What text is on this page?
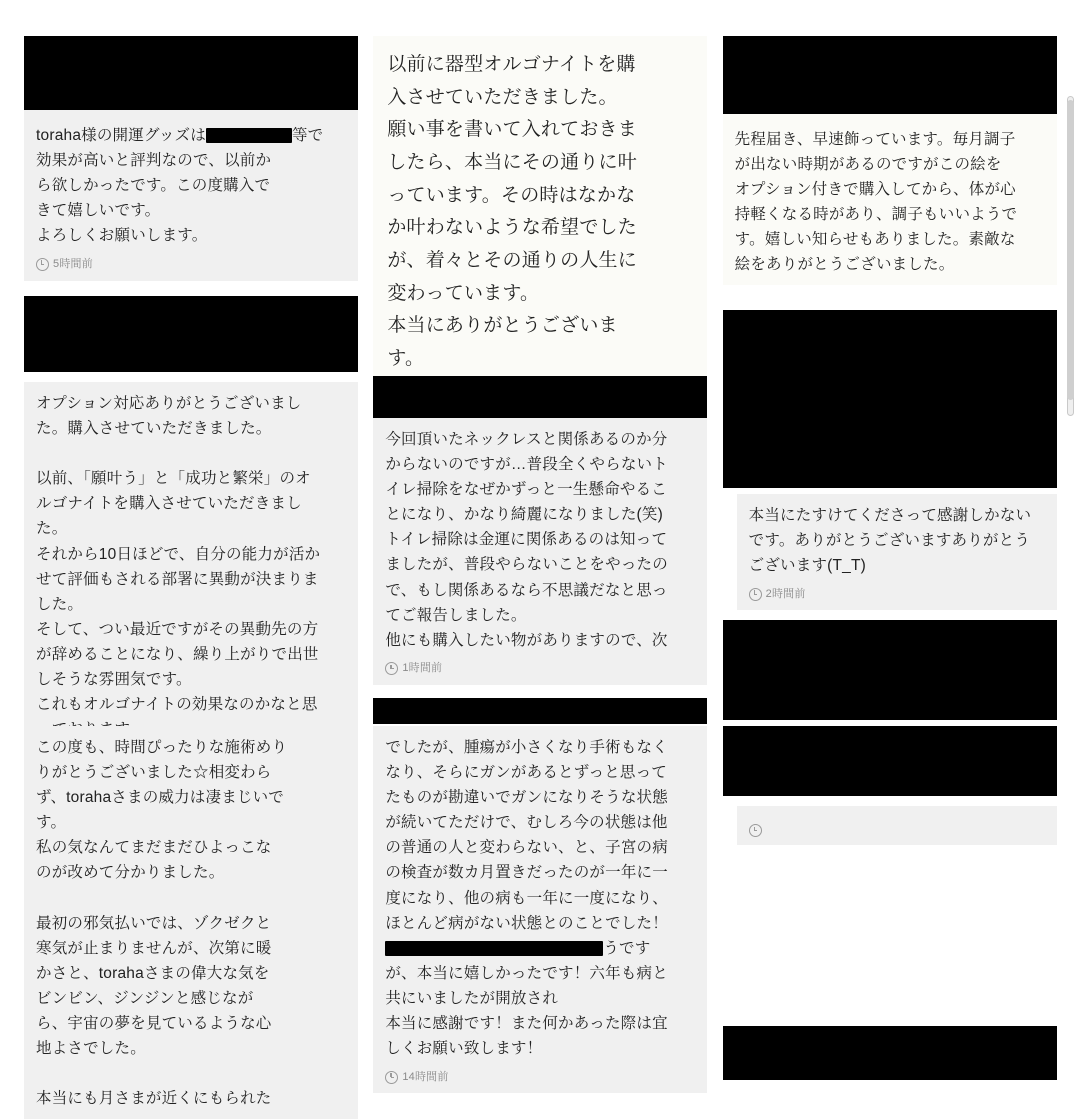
toraha様の開運グッズは	等で

効果が高いと評判なので、以前か

ら欲しかったです。この度購入で

きて嬉しいです。

よろしくお願いします。

5時間前

オプション対応ありがとうございまし

た。購入させていただきました。

以前、「願叶う」と「成功と繁栄」のオ

ルゴナイトを購入させていただきまし

た。

それから10日ほどで、自分の能力が活か

せて評価もされる部署に異動が決まりま

した。

そして、つい最近ですがその異動先の方

が辞めることになり、繰り上がりで出世

しそうな雰囲気です。

これもオルゴナイトの効果なのかなと思

この度も、時間ぴったりな施術めり

りがとうございました☆相変わら

ず、torahaさまの威力は凄まじいで

す。

私の気なんてまだまだひよっこな

のが改めて分かりました。

最初の邪気払いでは、ゾクゼクと

寒気が止まりませんが、次第に暖

かさと、torahaさまの偉大な気を

ビンビン、ジンジンと感じなが

ら、宇宙の夢を見ているような心

地よさでした。

本当にも月さまが近くにもられた

以前に器型オルゴナイトを購

入させていただきました。

願い事を書いて入れておきま

したら、本当にその通りに叶

っています。その時はなかな

か叶わないような希望でした

が、着々とその通りの人生に

変わっています。

本当にありがとうございま

す。

今回頂いたネックレスと関係あるのか分

からないのですが…普段全くやらないト

イレ掃除をなぜかずっと一生懸命やるこ

とになり、かなり綺麗になりました(笑)

トイレ掃除は金運に関係あるのは知って

ましたが、普段やらないことをやったの

で、もし関係あるなら不思議だなと思っ

てご報告しました。

他にも購入したい物がありますので、次

1時間前

でしたが、腫瘍が小さくなり手術もなく

なり、そらにガンがあるとずっと思って

たものが勘違いでガンになりそうな状態

が続いてただけで、むしろ今の状態は他

の普通の人と変わらない、と、子宮の病

の検査が数カ月置きだったのが一年に一

度になり、他の病も一年に一度になり、

ほとんど病がない状態とのことでした！

うです

が、本当に嬉しかったです！六年も病と

共にいましたが開放され

本当に感謝です！また何かあった際は宜

しくお願い致します！

14時間前

先程届き、早速飾っています。毎月調子

が出ない時期があるのですがこの絵を

オプション付きで購入してから、体が心

持軽くなる時があり、調子もいいようで

す。嬉しい知らせもありました。素敵な

絵をありがとうございました。

本当にたすけてくださって感謝しかない

です。ありがとうございますありがとう

ございます(T_T)

2時間前
